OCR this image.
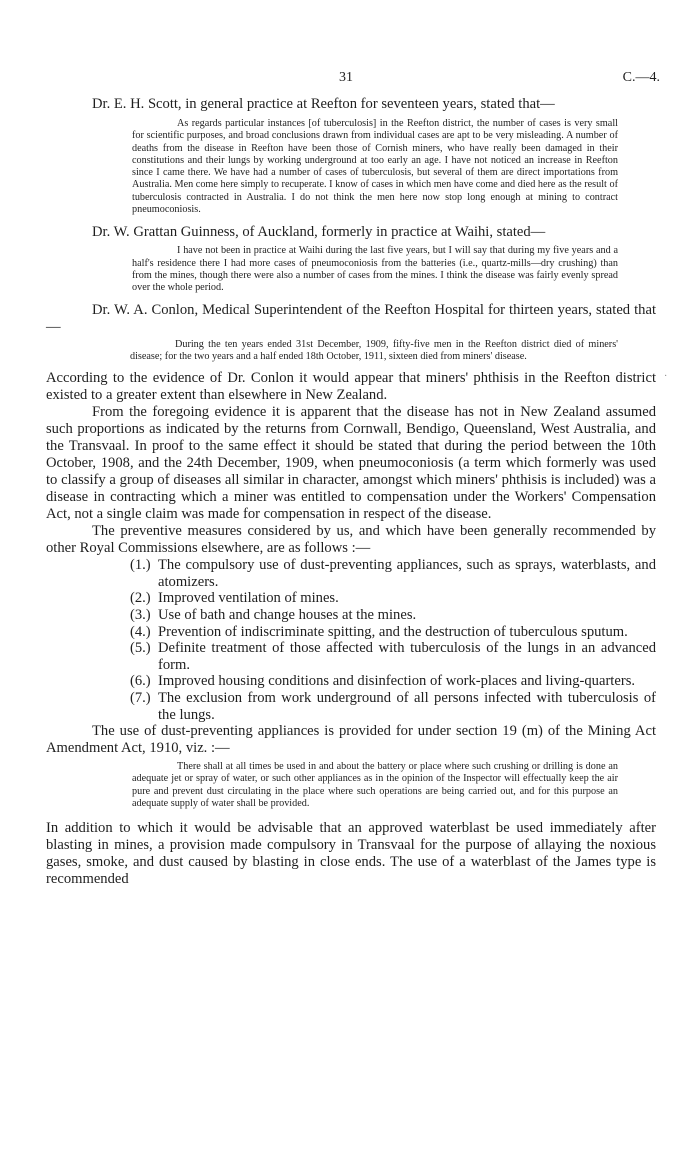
31	C.—4.
·

Dr. E. H. Scott, in general practice at Reefton for seventeen years, stated that—

As regards particular instances [of tuberculosis] in the Reefton district, the number of cases is very small for scientific purposes, and broad conclusions drawn from individual cases are apt to be very misleading. A number of deaths from the disease in Reefton have been those of Cornish miners, who have really been damaged in their constitutions and their lungs by working underground at too early an age. I have not noticed an increase in Reefton since I came there. We have had a number of cases of tuberculosis, but several of them are direct importations from Australia. Men come here simply to recuperate. I know of cases in which men have come and died here as the result of tuberculosis contracted in Australia. I do not think the men here now stop long enough at mining to contract pneumoconiosis.

Dr. W. Grattan Guinness, of Auckland, formerly in practice at Waihi, stated—

I have not been in practice at Waihi during the last five years, but I will say that during my five years and a half's residence there I had more cases of pneumoconiosis from the batteries (i.e., quartz-mills—dry crushing) than from the mines, though there were also a number of cases from the mines. I think the disease was fairly evenly spread over the whole period.

Dr. W. A. Conlon, Medical Superintendent of the Reefton Hospital for thirteen years, stated that—

During the ten years ended 31st December, 1909, fifty-five men in the Reefton district died of miners' disease; for the two years and a half ended 18th October, 1911, sixteen died from miners' disease.

According to the evidence of Dr. Conlon it would appear that miners' phthisis in the Reefton district existed to a greater extent than elsewhere in New Zealand.

From the foregoing evidence it is apparent that the disease has not in New Zealand assumed such proportions as indicated by the returns from Cornwall, Bendigo, Queensland, West Australia, and the Transvaal. In proof to the same effect it should be stated that during the period between the 10th October, 1908, and the 24th December, 1909, when pneumoconiosis (a term which formerly was used to classify a group of diseases all similar in character, amongst which miners' phthisis is included) was a disease in contracting which a miner was entitled to compensation under the Workers' Compensation Act, not a single claim was made for compensation in respect of the disease.

The preventive measures considered by us, and which have been generally recommended by other Royal Commissions elsewhere, are as follows :—

(1.) The compulsory use of dust-preventing appliances, such as sprays, waterblasts, and atomizers.
(2.) Improved ventilation of mines.
(3.) Use of bath and change houses at the mines.
(4.) Prevention of indiscriminate spitting, and the destruction of tuberculous sputum.
(5.) Definite treatment of those affected with tuberculosis of the lungs in an advanced form.
(6.) Improved housing conditions and disinfection of work-places and living-quarters.
(7.) The exclusion from work underground of all persons infected with tuberculosis of the lungs.

The use of dust-preventing appliances is provided for under section 19 (m) of the Mining Act Amendment Act, 1910, viz. :—

There shall at all times be used in and about the battery or place where such crushing or drilling is done an adequate jet or spray of water, or such other appliances as in the opinion of the Inspector will effectually keep the air pure and prevent dust circulating in the place where such operations are being carried out, and for this purpose an adequate supply of water shall be provided.

In addition to which it would be advisable that an approved waterblast be used immediately after blasting in mines, a provision made compulsory in Transvaal for the purpose of allaying the noxious gases, smoke, and dust caused by blasting in close ends. The use of a waterblast of the James type is recommended
